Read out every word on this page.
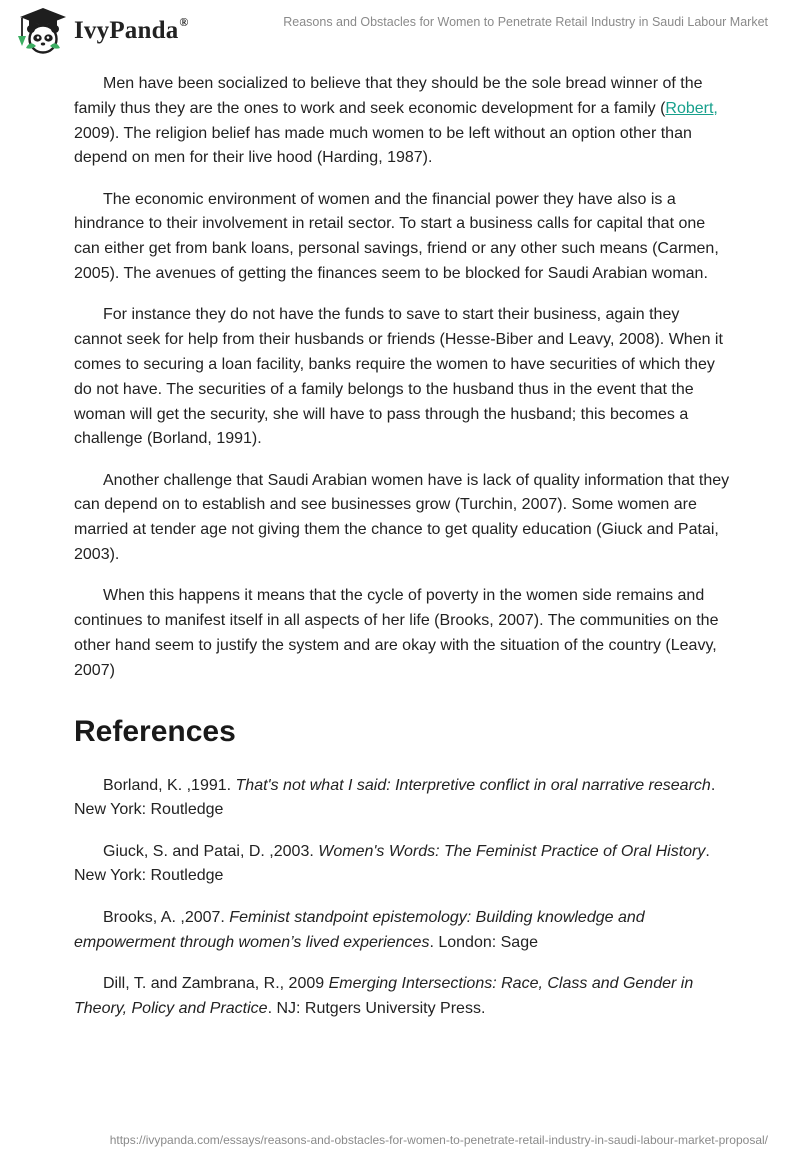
IvyPanda®	Reasons and Obstacles for Women to Penetrate Retail Industry in Saudi Labour Market

Men have been socialized to believe that they should be the sole bread winner of the family thus they are the ones to work and seek economic development for a family (Robert, 2009). The religion belief has made much women to be left without an option other than depend on men for their live hood (Harding, 1987).

The economic environment of women and the financial power they have also is a hindrance to their involvement in retail sector. To start a business calls for capital that one can either get from bank loans, personal savings, friend or any other such means (Carmen, 2005). The avenues of getting the finances seem to be blocked for Saudi Arabian woman.

For instance they do not have the funds to save to start their business, again they cannot seek for help from their husbands or friends (Hesse-Biber and Leavy, 2008). When it comes to securing a loan facility, banks require the women to have securities of which they do not have. The securities of a family belongs to the husband thus in the event that the woman will get the security, she will have to pass through the husband; this becomes a challenge (Borland, 1991).

Another challenge that Saudi Arabian women have is lack of quality information that they can depend on to establish and see businesses grow (Turchin, 2007). Some women are married at tender age not giving them the chance to get quality education (Giuck and Patai, 2003).

When this happens it means that the cycle of poverty in the women side remains and continues to manifest itself in all aspects of her life (Brooks, 2007). The communities on the other hand seem to justify the system and are okay with the situation of the country (Leavy, 2007)

References

Borland, K. ,1991. That's not what I said: Interpretive conflict in oral narrative research. New York: Routledge

Giuck, S. and Patai, D. ,2003. Women's Words: The Feminist Practice of Oral History. New York: Routledge

Brooks, A. ,2007. Feminist standpoint epistemology: Building knowledge and empowerment through women’s lived experiences. London: Sage

Dill, T. and Zambrana, R., 2009 Emerging Intersections: Race, Class and Gender in Theory, Policy and Practice. NJ: Rutgers University Press.

https://ivypanda.com/essays/reasons-and-obstacles-for-women-to-penetrate-retail-industry-in-saudi-labour-market-proposal/
